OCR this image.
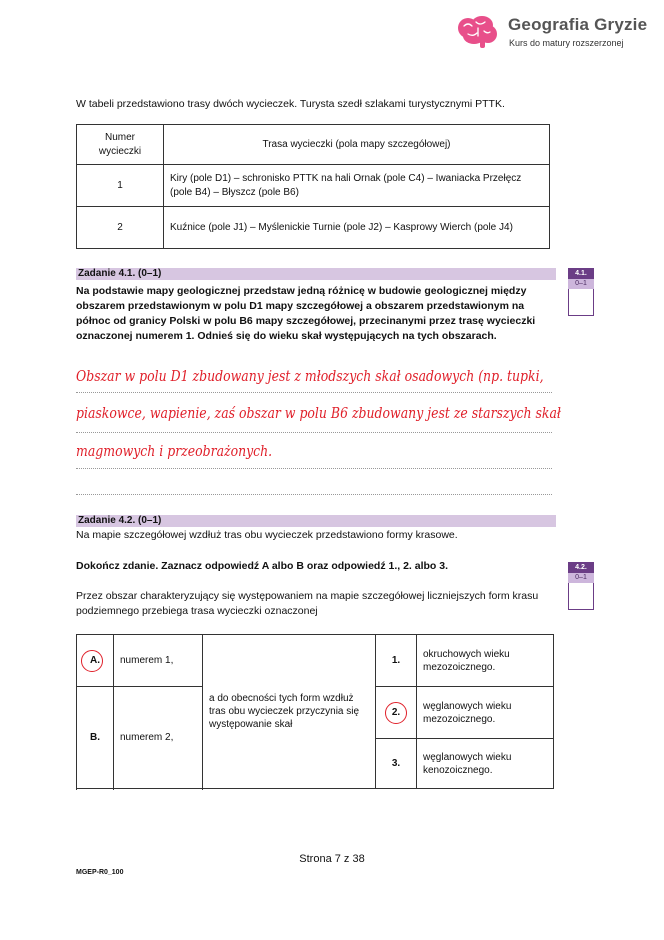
Geografia Gryzie
Kurs do matury rozszerzonej
W tabeli przedstawiono trasy dwóch wycieczek. Turysta szedł szlakami turystycznymi PTTK.
Numer wycieczki	Trasa wycieczki (pola mapy szczegółowej)
1	Kiry (pole D1) – schronisko PTTK na hali Ornak (pole C4) – Iwaniacka Przełęcz (pole B4) – Błyszcz (pole B6)
2	Kuźnice (pole J1) – Myślenickie Turnie (pole J2) – Kasprowy Wierch (pole J4)
Zadanie 4.1. (0–1)	4.1.
0–1
Na podstawie mapy geologicznej przedstaw jedną różnicę w budowie geologicznej między obszarem przedstawionym w polu D1 mapy szczegółowej a obszarem przedstawionym na północ od granicy Polski w polu B6 mapy szczegółowej, przecinanymi przez trasę wycieczki oznaczonej numerem 1. Odnieś się do wieku skał występujących na tych obszarach.
Obszar w polu D1 zbudowany jest z młodszych skał osadowych (np. tupki,
piaskowce, wapienie, zaś obszar w polu B6 zbudowany jest ze starszych skał
magmowych i przeobrażonych.
Zadanie 4.2. (0–1)
Na mapie szczegółowej wzdłuż tras obu wycieczek przedstawiono formy krasowe.
Dokończ zdanie. Zaznacz odpowiedź A albo B oraz odpowiedź 1., 2. albo 3.	4.2.
0–1
Przez obszar charakteryzujący się występowaniem na mapie szczegółowej liczniejszych form krasu podziemnego przebiega trasa wycieczki oznaczonej
A.	numerem 1,	a do obecności tych form wzdłuż tras obu wycieczek przyczynia się występowanie skał	1.	okruchowych wieku mezozoicznego.

B.	numerem 2,		2.	węglanowych wieku mezozoicznego.
			3.	węglanowych wieku kenozoicznego.

Strona 7 z 38
MGEP-R0_100
